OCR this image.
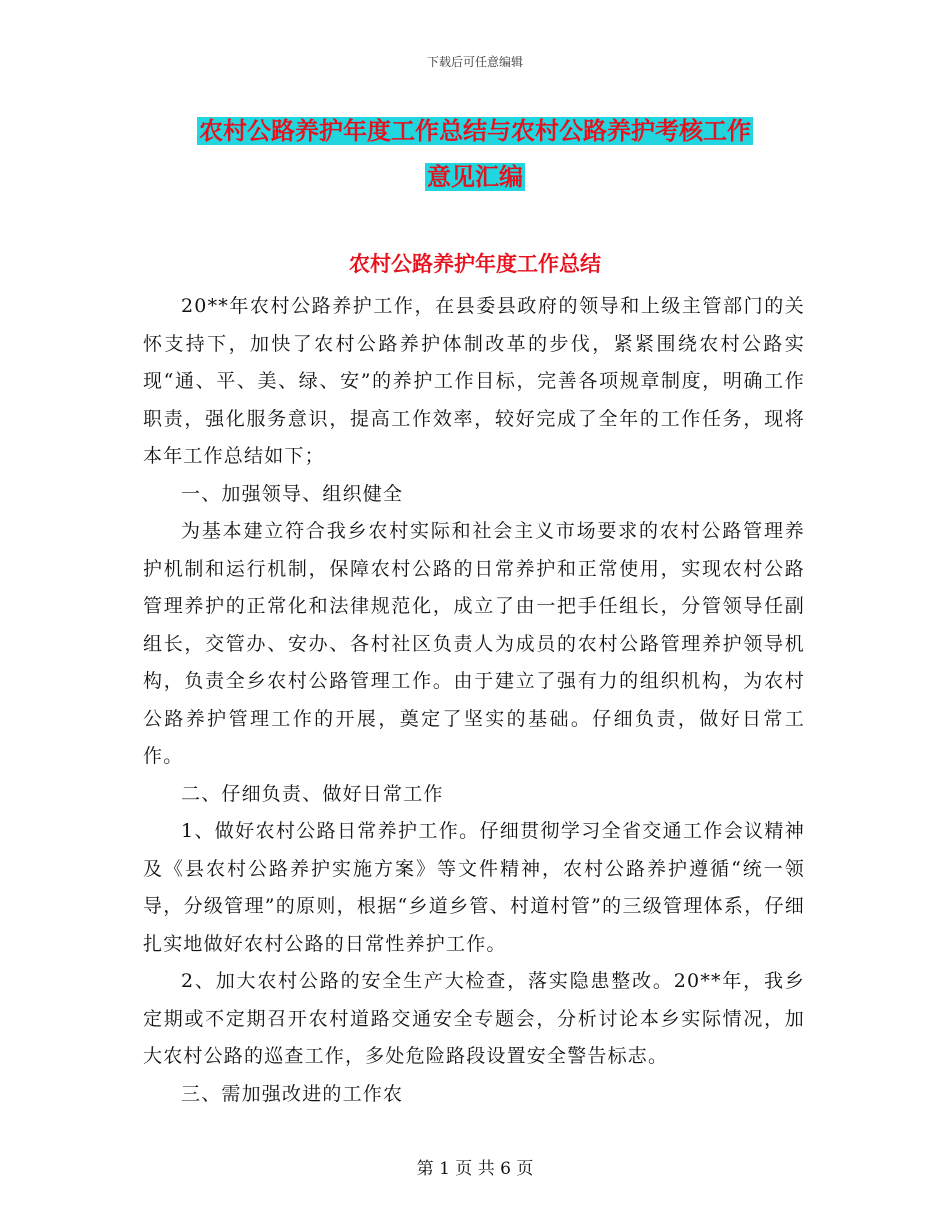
下载后可任意编辑
农村公路养护年度工作总结与农村公路养护考核工作
意见汇编
农村公路养护年度工作总结

20**年农村公路养护工作，在县委县政府的领导和上级主管部门的关怀支持下，加快了农村公路养护体制改革的步伐，紧紧围绕农村公路实现“通、平、美、绿、安”的养护工作目标，完善各项规章制度，明确工作职责，强化服务意识，提高工作效率，较好完成了全年的工作任务，现将本年工作总结如下；

一、加强领导、组织健全

为基本建立符合我乡农村实际和社会主义市场要求的农村公路管理养护机制和运行机制，保障农村公路的日常养护和正常使用，实现农村公路管理养护的正常化和法律规范化，成立了由一把手任组长，分管领导任副组长，交管办、安办、各村社区负责人为成员的农村公路管理养护领导机构，负责全乡农村公路管理工作。由于建立了强有力的组织机构，为农村公路养护管理工作的开展，奠定了坚实的基础。仔细负责，做好日常工作。

二、仔细负责、做好日常工作

1、做好农村公路日常养护工作。仔细贯彻学习全省交通工作会议精神及《县农村公路养护实施方案》等文件精神，农村公路养护遵循“统一领导，分级管理”的原则，根据“乡道乡管、村道村管”的三级管理体系，仔细扎实地做好农村公路的日常性养护工作。

2、加大农村公路的安全生产大检查，落实隐患整改。20**年，我乡定期或不定期召开农村道路交通安全专题会，分析讨论本乡实际情况，加大农村公路的巡查工作，多处危险路段设置安全警告标志。

三、需加强改进的工作农

第 1 页 共 6 页
